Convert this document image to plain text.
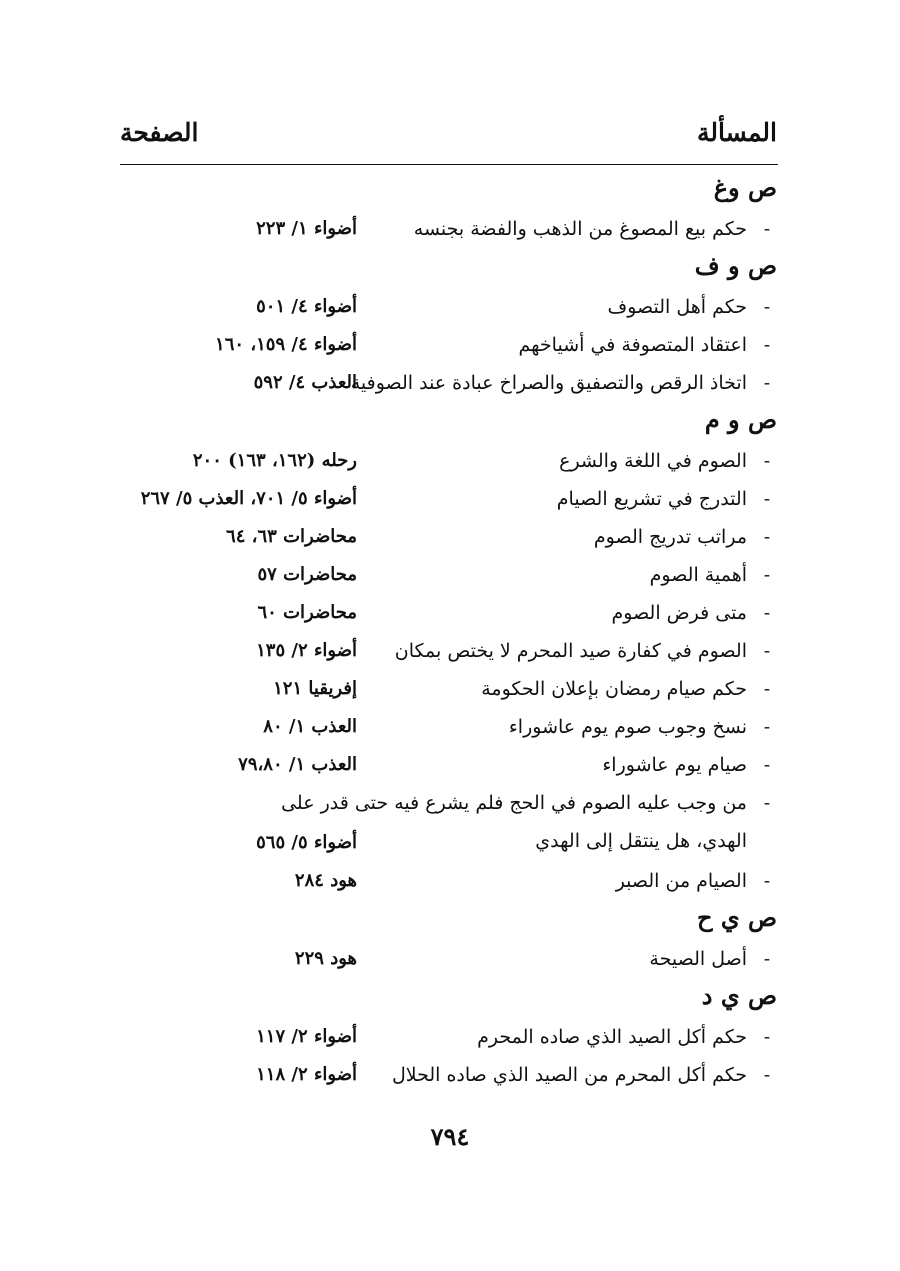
المسألة
الصفحة
ص وغ
-
حكم بيع المصوغ من الذهب والفضة بجنسه
أضواء ١/ ٢٢٣
ص و ف
-
حكم أهل التصوف
أضواء ٤/ ٥٠١
-
اعتقاد المتصوفة في أشياخهم
أضواء ٤/ ١٥٩، ١٦٠
-
اتخاذ الرقص والتصفيق والصراخ عبادة عند الصوفية
العذب ٤/ ٥٩٢
ص و م
-
الصوم في اللغة والشرع
رحله (١٦٢، ١٦٣) ٢٠٠
-
التدرج في تشريع الصيام
أضواء ٥/ ٧٠١، العذب ٥/ ٢٦٧
-
مراتب تدريج الصوم
محاضرات ٦٣، ٦٤
-
أهمية الصوم
محاضرات ٥٧
-
متى فرض الصوم
محاضرات ٦٠
-
الصوم في كفارة صيد المحرم لا يختص بمكان
أضواء ٢/ ١٣٥
-
حكم صيام رمضان بإعلان الحكومة
إفريقيا ١٢١
-
نسخ وجوب صوم يوم عاشوراء
العذب ١/ ٨٠
-
صيام يوم عاشوراء
العذب ١/ ٧٩،٨٠
-
من وجب عليه الصوم في الحج فلم يشرع فيه حتى قدر على
الهدي، هل ينتقل إلى الهدي
أضواء ٥/ ٥٦٥
-
الصيام من الصبر
هود ٢٨٤
ص ي ح
-
أصل الصيحة
هود ٢٢٩
ص ي د
-
حكم أكل الصيد الذي صاده المحرم
أضواء ٢/ ١١٧
-
حكم أكل المحرم من الصيد الذي صاده الحلال
أضواء ٢/ ١١٨
٧٩٤
